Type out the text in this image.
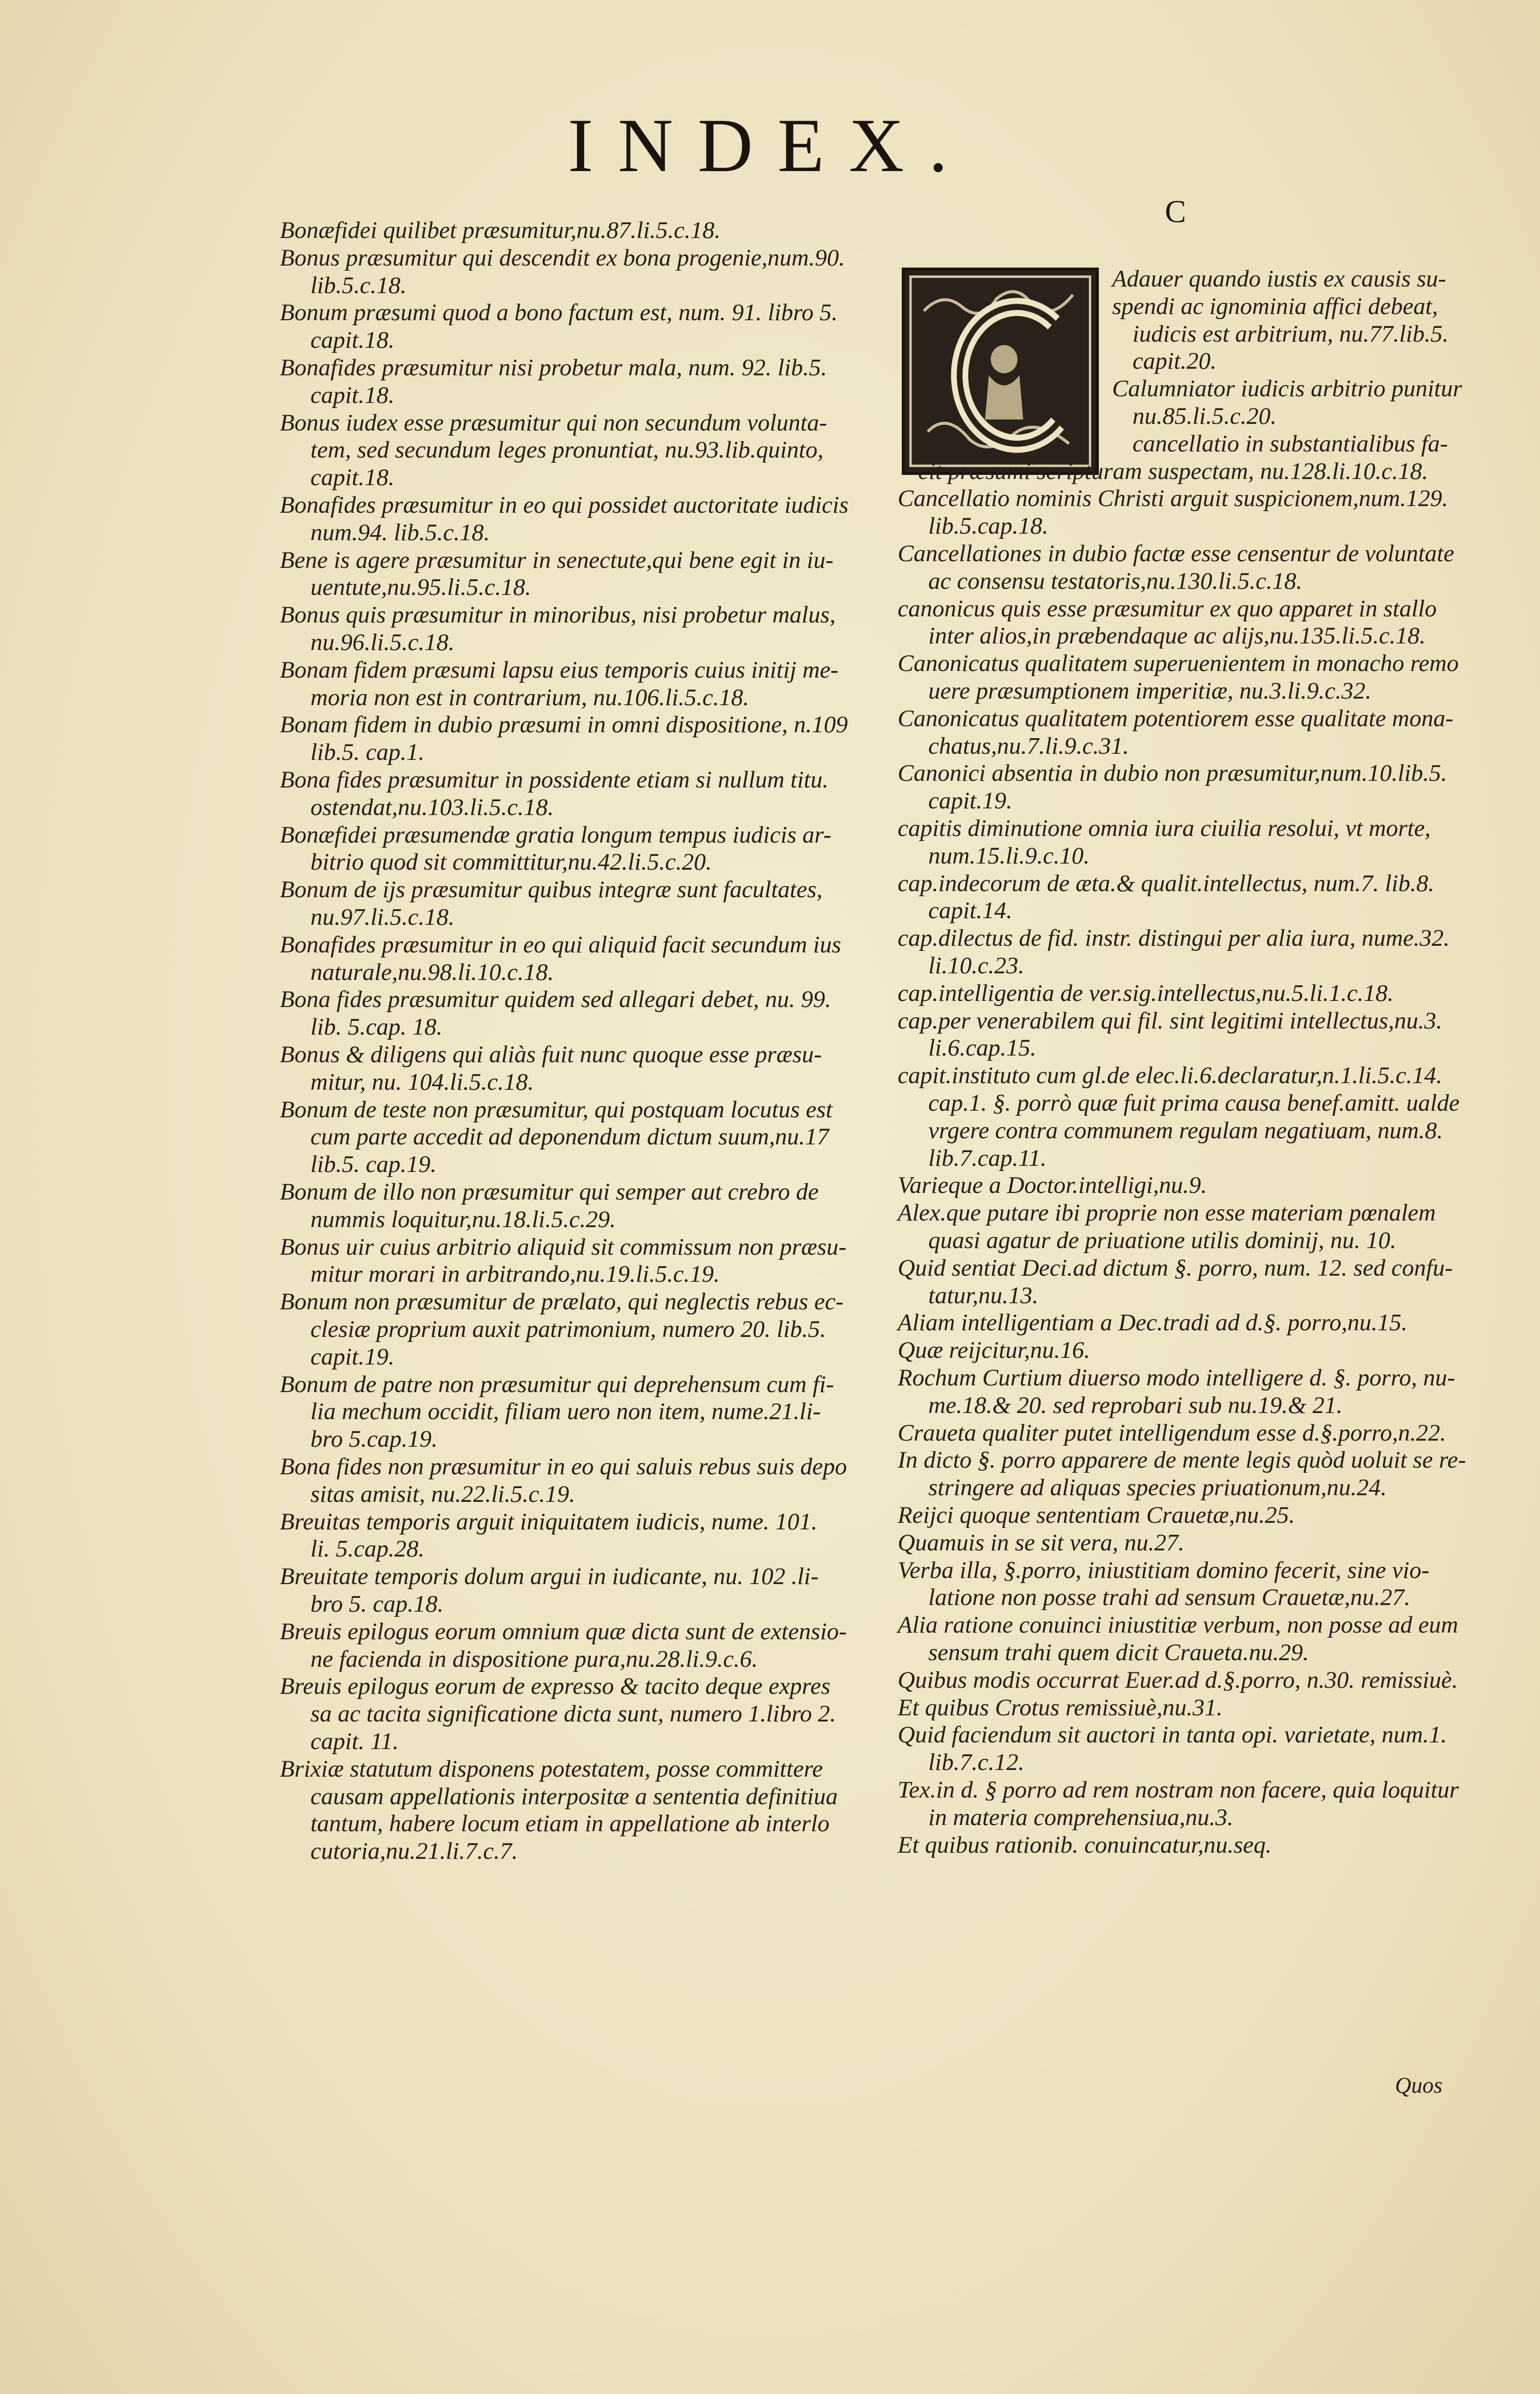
INDEX.
C
Bonæfidei quilibet præsumitur,nu.87.li.5.c.18.
Bonus præsumitur qui descendit ex bona progenie,num.90.
lib.5.c.18.
Bonum præsumi quod a bono factum est, num. 91. libro 5.
capit.18.
Bonafides præsumitur nisi probetur mala, num. 92. lib.5.
capit.18.
Bonus iudex esse præsumitur qui non secundum volunta-
tem, sed secundum leges pronuntiat, nu.93.lib.quinto,
capit.18.
Bonafides præsumitur in eo qui possidet auctoritate iudicis
num.94. lib.5.c.18.
Bene is agere præsumitur in senectute,qui bene egit in iu-
uentute,nu.95.li.5.c.18.
Bonus quis præsumitur in minoribus, nisi probetur malus,
nu.96.li.5.c.18.
Bonam fidem præsumi lapsu eius temporis cuius initij me-
moria non est in contrarium, nu.106.li.5.c.18.
Bonam fidem in dubio præsumi in omni dispositione, n.109
lib.5. cap.1.
Bona fides præsumitur in possidente etiam si nullum titu.
ostendat,nu.103.li.5.c.18.
Bonæfidei præsumendæ gratia longum tempus iudicis ar-
bitrio quod sit committitur,nu.42.li.5.c.20.
Bonum de ijs præsumitur quibus integræ sunt facultates,
nu.97.li.5.c.18.
Bonafides præsumitur in eo qui aliquid facit secundum ius
naturale,nu.98.li.10.c.18.
Bona fides præsumitur quidem sed allegari debet, nu. 99.
lib. 5.cap. 18.
Bonus & diligens qui aliàs fuit nunc quoque esse præsu-
mitur, nu. 104.li.5.c.18.
Bonum de teste non præsumitur, qui postquam locutus est
cum parte accedit ad deponendum dictum suum,nu.17
lib.5. cap.19.
Bonum de illo non præsumitur qui semper aut crebro de
nummis loquitur,nu.18.li.5.c.29.
Bonus uir cuius arbitrio aliquid sit commissum non præsu-
mitur morari in arbitrando,nu.19.li.5.c.19.
Bonum non præsumitur de prælato, qui neglectis rebus ec-
clesiæ proprium auxit patrimonium, numero 20. lib.5.
capit.19.
Bonum de patre non præsumitur qui deprehensum cum fi-
lia mechum occidit, filiam uero non item, nume.21.li-
bro 5.cap.19.
Bona fides non præsumitur in eo qui saluis rebus suis depo
sitas amisit, nu.22.li.5.c.19.
Breuitas temporis arguit iniquitatem iudicis, nume. 101.
li. 5.cap.28.
Breuitate temporis dolum argui in iudicante, nu. 102 .li-
bro 5. cap.18.
Breuis epilogus eorum omnium quæ dicta sunt de extensio-
ne facienda in dispositione pura,nu.28.li.9.c.6.
Breuis epilogus eorum de expresso & tacito deque expres
sa ac tacita significatione dicta sunt, numero 1.libro 2.
capit. 11.
Brixiæ statutum disponens potestatem, posse committere
causam appellationis interpositæ a sententia definitiua
tantum, habere locum etiam in appellatione ab interlo
cutoria,nu.21.li.7.c.7.
Adauer quando iustis ex causis su-
spendi ac ignominia affici debeat,
iudicis est arbitrium, nu.77.lib.5.
capit.20.
Calumniator iudicis arbitrio punitur
nu.85.li.5.c.20.
cancellatio in substantialibus fa-
cit præsumi scripturam suspectam, nu.128.li.10.c.18.
Cancellatio nominis Christi arguit suspicionem,num.129.
lib.5.cap.18.
Cancellationes in dubio factæ esse censentur de voluntate
ac consensu testatoris,nu.130.li.5.c.18.
canonicus quis esse præsumitur ex quo apparet in stallo
inter alios,in præbendaque ac alijs,nu.135.li.5.c.18.
Canonicatus qualitatem superuenientem in monacho remo
uere præsumptionem imperitiæ, nu.3.li.9.c.32.
Canonicatus qualitatem potentiorem esse qualitate mona-
chatus,nu.7.li.9.c.31.
Canonici absentia in dubio non præsumitur,num.10.lib.5.
capit.19.
capitis diminutione omnia iura ciuilia resolui, vt morte,
num.15.li.9.c.10.
cap.indecorum de æta.& qualit.intellectus, num.7. lib.8.
capit.14.
cap.dilectus de fid. instr. distingui per alia iura, nume.32.
li.10.c.23.
cap.intelligentia de ver.sig.intellectus,nu.5.li.1.c.18.
cap.per venerabilem qui fil. sint legitimi intellectus,nu.3.
li.6.cap.15.
capit.instituto cum gl.de elec.li.6.declaratur,n.1.li.5.c.14.
cap.1. §. porrò quæ fuit prima causa benef.amitt. ualde
vrgere contra communem regulam negatiuam, num.8.
lib.7.cap.11.
Varieque a Doctor.intelligi,nu.9.
Alex.que putare ibi proprie non esse materiam pœnalem
quasi agatur de priuatione utilis dominij, nu. 10.
Quid sentiat Deci.ad dictum §. porro, num. 12. sed confu-
tatur,nu.13.
Aliam intelligentiam a Dec.tradi ad d.§. porro,nu.15.
Quæ reijcitur,nu.16.
Rochum Curtium diuerso modo intelligere d. §. porro, nu-
me.18.& 20. sed reprobari sub nu.19.& 21.
Craueta qualiter putet intelligendum esse d.§.porro,n.22.
In dicto §. porro apparere de mente legis quòd uoluit se re-
stringere ad aliquas species priuationum,nu.24.
Reijci quoque sententiam Crauetæ,nu.25.
Quamuis in se sit vera, nu.27.
Verba illa, §.porro, iniustitiam domino fecerit, sine vio-
latione non posse trahi ad sensum Crauetæ,nu.27.
Alia ratione conuinci iniustitiæ verbum, non posse ad eum
sensum trahi quem dicit Craueta.nu.29.
Quibus modis occurrat Euer.ad d.§.porro, n.30. remissiuè.
Et quibus Crotus remissiuè,nu.31.
Quid faciendum sit auctori in tanta opi. varietate, num.1.
lib.7.c.12.
Tex.in d. § porro ad rem nostram non facere, quia loquitur
in materia comprehensiua,nu.3.
Et quibus rationib. conuincatur,nu.seq.
Quos
